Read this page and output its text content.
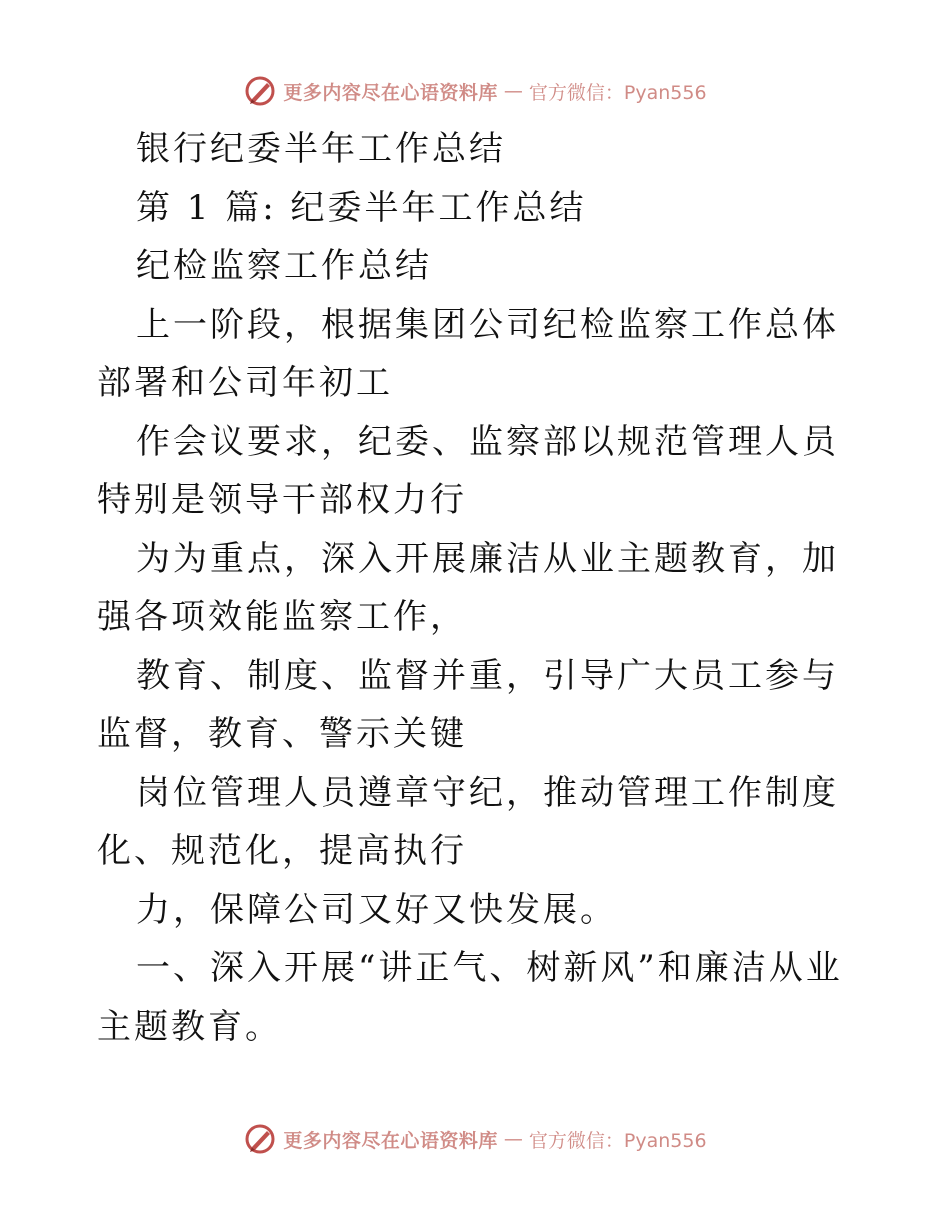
更多内容尽在心语资料库 — 官方微信：Pyan556

银行纪委半年工作总结

第 1 篇: 纪委半年工作总结

纪检监察工作总结

上一阶段，根据集团公司纪检监察工作总体部署和公司年初工

作会议要求，纪委、监察部以规范管理人员特别是领导干部权力行

为为重点，深入开展廉洁从业主题教育，加强各项效能监察工作，

教育、制度、监督并重，引导广大员工参与监督，教育、警示关键

岗位管理人员遵章守纪，推动管理工作制度化、规范化，提高执行

力，保障公司又好又快发展。

一、深入开展“讲正气、树新风”和廉洁从业主题教育。

更多内容尽在心语资料库 — 官方微信：Pyan556
